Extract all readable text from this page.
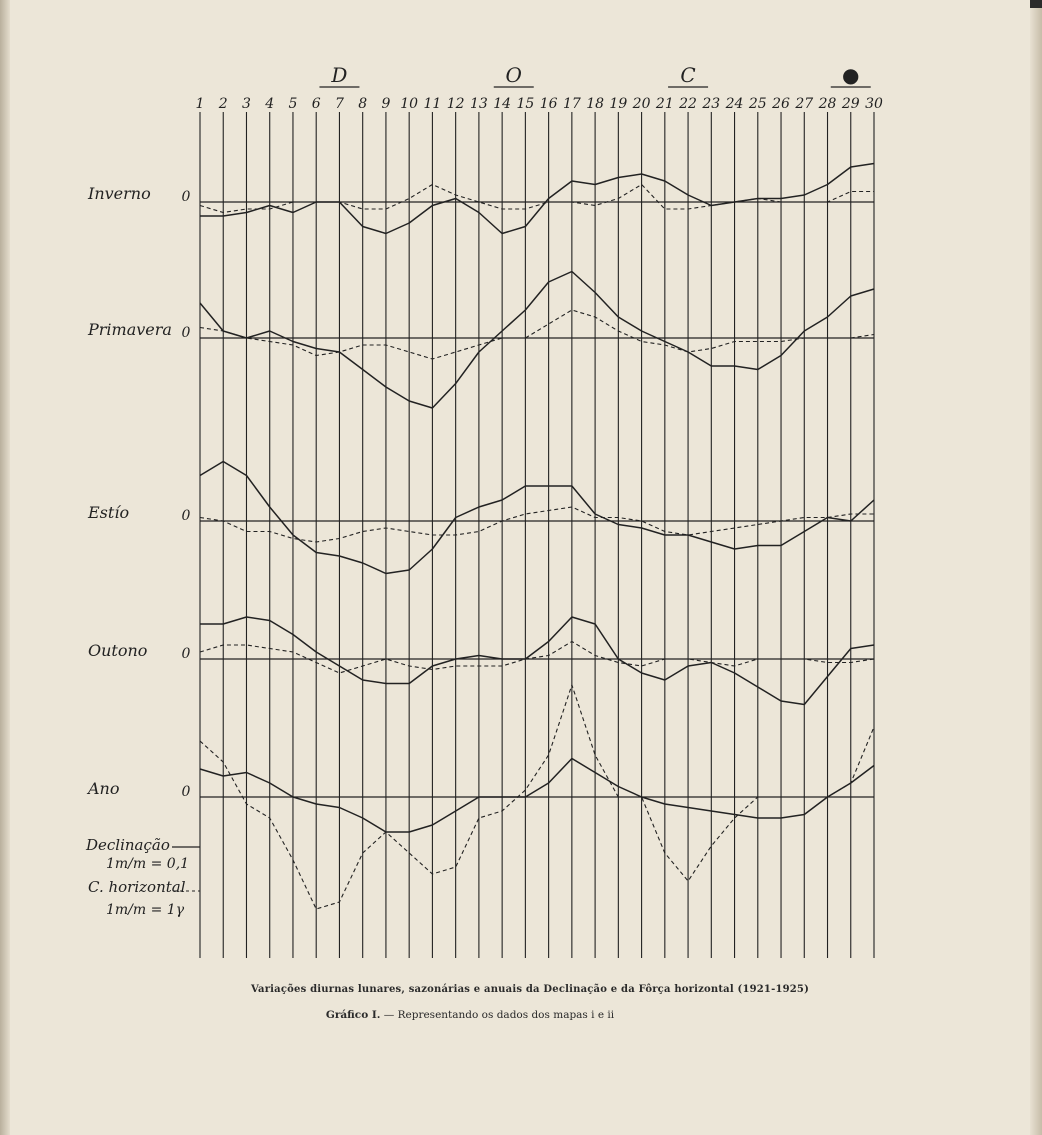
1 2 3 4 5 6 7 8 9 10 11 12 13 14 15 16 17 18 19 20 21 22 23 24 25 26 27 28 29 30
D	O	C	●
Inverno 0
Primavera 0
Estío	0
Outono 0
Ano	0
Declinação
1m/m = 0,1
C. horizontal
1m/m = 1γ
Variações diurnas lunares, sazonárias e anuais da Declinação e da Fôrça horizontal (1921-1925)
Gráfico I. — Representando os dados dos mapas i e ii
